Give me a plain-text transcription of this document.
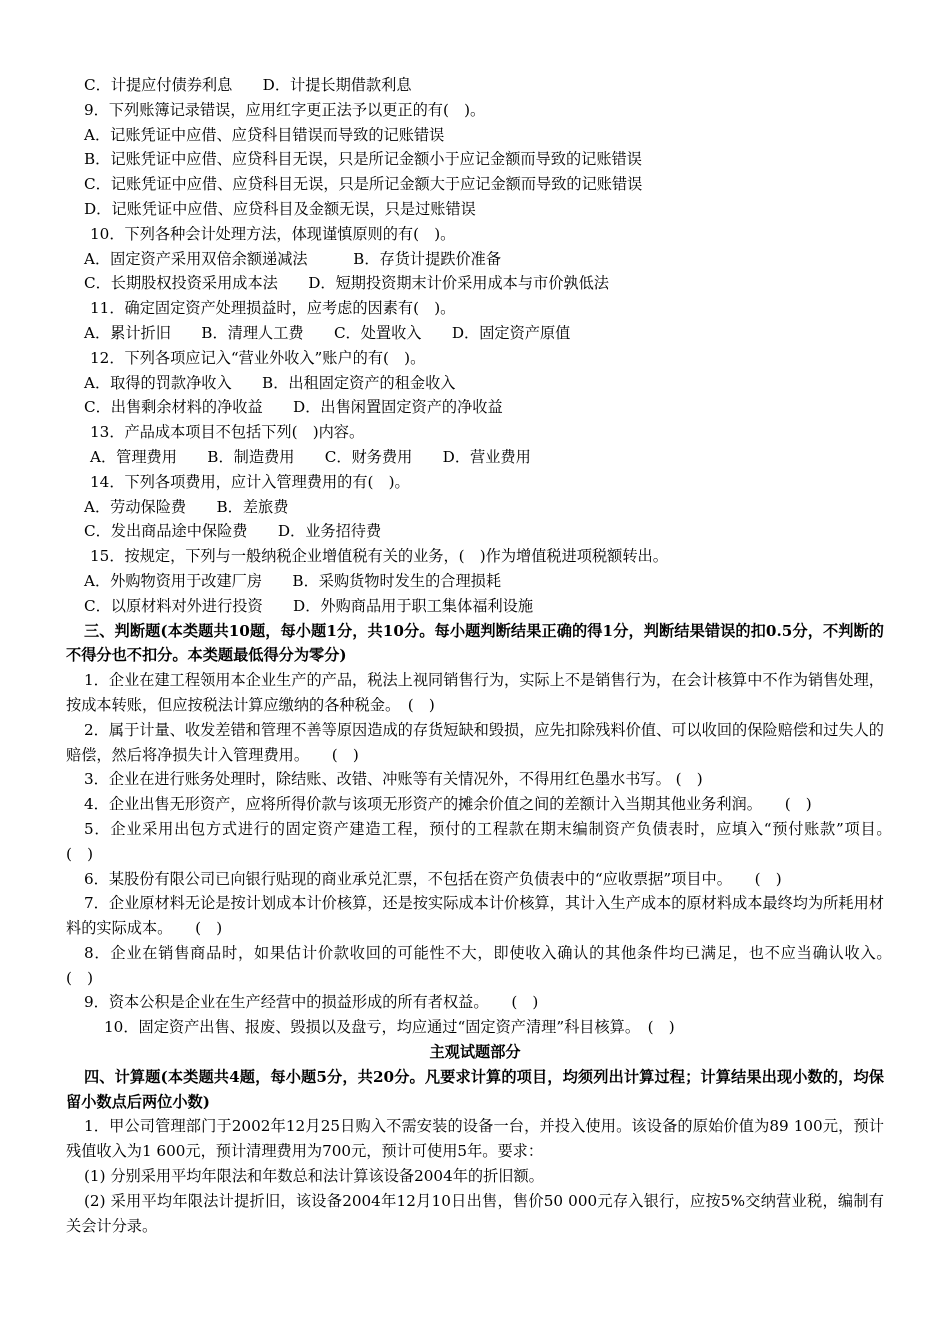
C．计提应付债券利息　　D．计提长期借款利息
9．下列账簿记录错误，应用红字更正法予以更正的有(　)。
A．记账凭证中应借、应贷科目错误而导致的记账错误
B．记账凭证中应借、应贷科目无误，只是所记金额小于应记金额而导致的记账错误
C．记账凭证中应借、应贷科目无误，只是所记金额大于应记金额而导致的记账错误
D．记账凭证中应借、应贷科目及金额无误，只是过账错误
10．下列各种会计处理方法，体现谨慎原则的有(　)。
A．固定资产采用双倍余额递减法　　　B．存货计提跌价准备
C．长期股权投资采用成本法　　D．短期投资期末计价采用成本与市价孰低法
11．确定固定资产处理损益时，应考虑的因素有(　)。
A．累计折旧　　B．清理人工费　　C．处置收入　　D．固定资产原值
12．下列各项应记入“营业外收入”账户的有(　)。
A．取得的罚款净收入　　B．出租固定资产的租金收入
C．出售剩余材料的净收益　　D．出售闲置固定资产的净收益
13．产品成本项目不包括下列(　)内容。
A．管理费用　　B．制造费用　　C．财务费用　　D．营业费用
14．下列各项费用，应计入管理费用的有(　)。
A．劳动保险费　　B．差旅费
C．发出商品途中保险费　　D．业务招待费
15．按规定，下列与一般纳税企业增值税有关的业务，(　)作为增值税进项税额转出。
A．外购物资用于改建厂房　　B．采购货物时发生的合理损耗
C．以原材料对外进行投资　　D．外购商品用于职工集体福利设施
三、判断题(本类题共10题，每小题1分，共10分。每小题判断结果正确的得1分，判断结果错误的扣0.5分，不判断的不得分也不扣分。本类题最低得分为零分)
1．企业在建工程领用本企业生产的产品，税法上视同销售行为，实际上不是销售行为，在会计核算中不作为销售处理，按成本转账，但应按税法计算应缴纳的各种税金。　(　)
2．属于计量、收发差错和管理不善等原因造成的存货短缺和毁损，应先扣除残料价值、可以收回的保险赔偿和过失人的赔偿，然后将净损失计入管理费用。　　(　)
3．企业在进行账务处理时，除结账、改错、冲账等有关情况外，不得用红色墨水书写。 (　)
4．企业出售无形资产，应将所得价款与该项无形资产的摊余价值之间的差额计入当期其他业务利润。　　(　)
5．企业采用出包方式进行的固定资产建造工程，预付的工程款在期末编制资产负债表时，应填入“预付账款”项目。　(　)
6．某股份有限公司已向银行贴现的商业承兑汇票，不包括在资产负债表中的“应收票据”项目中。　　(　)
7．企业原材料无论是按计划成本计价核算，还是按实际成本计价核算，其计入生产成本的原材料成本最终均为所耗用材料的实际成本。　　(　)
8．企业在销售商品时，如果估计价款收回的可能性不大，即使收入确认的其他条件均已满足，也不应当确认收入。　　(　)
9．资本公积是企业在生产经营中的损益形成的所有者权益。　　(　)
10．固定资产出售、报废、毁损以及盘亏，均应通过“固定资产清理”科目核算。　(　)
主观试题部分
四、计算题(本类题共4题，每小题5分，共20分。凡要求计算的项目，均须列出计算过程；计算结果出现小数的，均保留小数点后两位小数)
1．甲公司管理部门于2002年12月25日购入不需安装的设备一台，并投入使用。该设备的原始价值为89 100元，预计残值收入为1 600元，预计清理费用为700元，预计可使用5年。要求：
(1) 分别采用平均年限法和年数总和法计算该设备2004年的折旧额。
(2) 采用平均年限法计提折旧，该设备2004年12月10日出售，售价50 000元存入银行，应按5%交纳营业税，编制有关会计分录。
